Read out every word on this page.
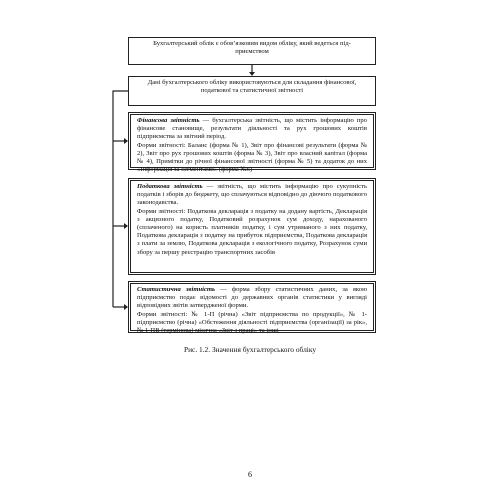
Бухгалтерський облік є обов’язковим видом обліку, який ведеться під-приємством
Дані бухгалтерського обліку використовуються для складання фінансової, податкової та статистичної звітності
Фінансова звітність — бухгалтерська звітність, що містить інформацію про фінансове становище, результати діяльності та рух грошових коштів підприємства за звітний період.
Форми звітності: Баланс (форма № 1), Звіт про фінансові результати (форма № 2), Звіт про рух грошових коштів (форма № 3), Звіт про власний капітал (форма № 4), Примітки до річної фінансової звітності (форма № 5) та додаток до них «Інформація за сегментами» (форма №6)
Податкова звітність — звітність, що містить інформацію про сукупність податків і зборів до бюджету, що сплачуються відповідно до діючого податкового законодавства.
Форми звітності: Податкова декларація з податку на додану вартість, Декларація з акцизного податку, Податковий розрахунок сум доходу, нарахованого (сплаченого) на користь платників податку, і сум утриманого з них податку, Податкова декларація з податку на прибуток підприємства, Податкова декларація з плати за землю, Податкова декларація з екологічного податку, Розрахунок суми збору за першу реєстрацію транспортних засобів
Статистична звітність — форма збору статистичних даних, за якою підприємство подає відомості до державних органів статистики у вигляді відповідних звітів затвердженої форми.
Форми звітності: № 1-П (річна) «Звіт підприємства по продукції», № 1-підприємство (річна) «Обстеження діяльності підприємства (організації) за рік», № 1-ПВ (термінова) місячна «Звіт з праці» та інші
Рис. 1.2. Значення бухгалтерського обліку
6
